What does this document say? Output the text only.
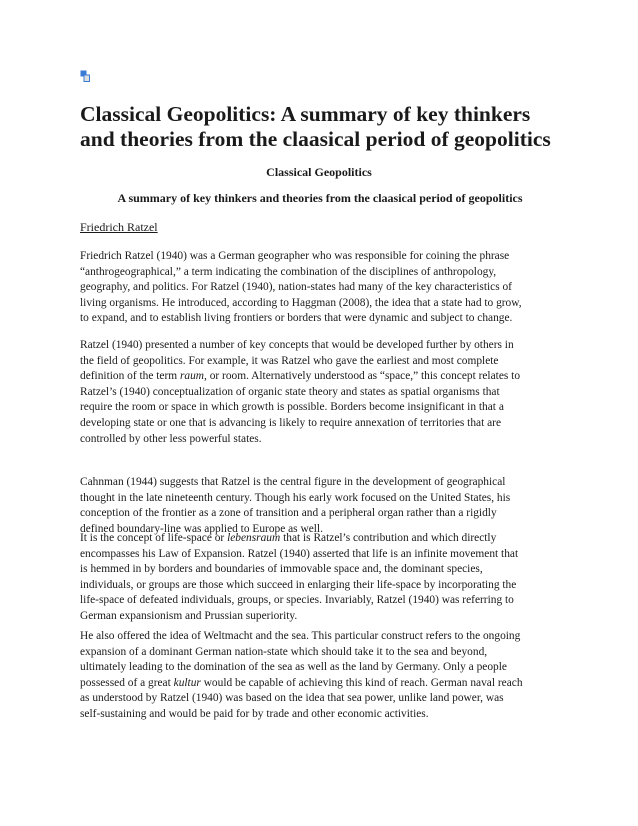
Classical Geopolitics: A summary of key thinkers and theories from the claasical period of geopolitics

Classical Geopolitics

A summary of key thinkers and theories from the claasical period of geopolitics

Friedrich Ratzel

Friedrich Ratzel (1940) was a German geographer who was responsible for coining the phrase
“anthrogeographical,” a term indicating the combination of the disciplines of anthropology,
geography, and politics. For Ratzel (1940), nation-states had many of the key characteristics of
living organisms. He introduced, according to Haggman (2008), the idea that a state had to grow,
to expand, and to establish living frontiers or borders that were dynamic and subject to change.

Ratzel (1940) presented a number of key concepts that would be developed further by others in
the field of geopolitics. For example, it was Ratzel who gave the earliest and most complete
definition of the term raum, or room. Alternatively understood as “space,” this concept relates to
Ratzel’s (1940) conceptualization of organic state theory and states as spatial organisms that
require the room or space in which growth is possible. Borders become insignificant in that a
developing state or one that is advancing is likely to require annexation of territories that are
controlled by other less powerful states.

Cahnman (1944) suggests that Ratzel is the central figure in the development of geographical
thought in the late nineteenth century. Though his early work focused on the United States, his
conception of the frontier as a zone of transition and a peripheral organ rather than a rigidly
defined boundary-line was applied to Europe as well.

It is the concept of life-space or lebensraum that is Ratzel’s contribution and which directly
encompasses his Law of Expansion. Ratzel (1940) asserted that life is an infinite movement that
is hemmed in by borders and boundaries of immovable space and, the dominant species,
individuals, or groups are those which succeed in enlarging their life-space by incorporating the
life-space of defeated individuals, groups, or species. Invariably, Ratzel (1940) was referring to
German expansionism and Prussian superiority.

He also offered the idea of Weltmacht and the sea. This particular construct refers to the ongoing
expansion of a dominant German nation-state which should take it to the sea and beyond,
ultimately leading to the domination of the sea as well as the land by Germany. Only a people
possessed of a great kultur would be capable of achieving this kind of reach. German naval reach
as understood by Ratzel (1940) was based on the idea that sea power, unlike land power, was
self-sustaining and would be paid for by trade and other economic activities.
